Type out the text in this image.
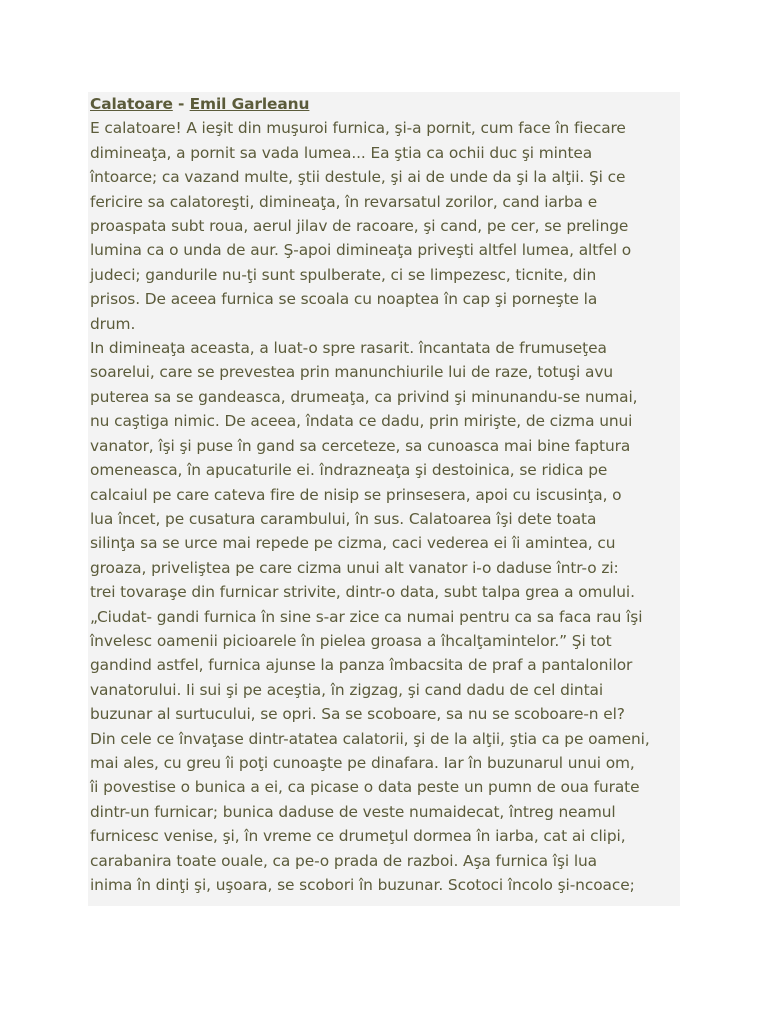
Calatoare - Emil Garleanu
E calatoare! A ieşit din muşuroi furnica, şi-a pornit, cum face în fiecare
dimineaţa, a pornit sa vada lumea... Ea ştia ca ochii duc şi mintea
întoarce; ca vazand multe, ştii destule, şi ai de unde da şi la alţii. Şi ce
fericire sa calatoreşti, dimineaţa, în revarsatul zorilor, cand iarba e
proaspata subt roua, aerul jilav de racoare, şi cand, pe cer, se prelinge
lumina ca o unda de aur. Ş-apoi dimineaţa priveşti altfel lumea, altfel o
judeci; gandurile nu-ţi sunt spulberate, ci se limpezesc, ticnite, din
prisos. De aceea furnica se scoala cu noaptea în cap şi porneşte la
drum.
In dimineaţa aceasta, a luat-o spre rasarit. încantata de frumuseţea
soarelui, care se prevestea prin manunchiurile lui de raze, totuşi avu
puterea sa se gandeasca, drumeaţa, ca privind şi minunandu-se numai,
nu caştiga nimic. De aceea, îndata ce dadu, prin mirişte, de cizma unui
vanator, îşi şi puse în gand sa cerceteze, sa cunoasca mai bine faptura
omeneasca, în apucaturile ei. îndrazneaţa şi destoinica, se ridica pe
calcaiul pe care cateva fire de nisip se prinsesera, apoi cu iscusinţa, o
lua încet, pe cusatura carambului, în sus. Calatoarea îşi dete toata
silinţa sa se urce mai repede pe cizma, caci vederea ei îi amintea, cu
groaza, priveliştea pe care cizma unui alt vanator i-o daduse într-o zi:
trei tovaraşe din furnicar strivite, dintr-o data, subt talpa grea a omului.
„Ciudat- gandi furnica în sine s-ar zice ca numai pentru ca sa faca rau îşi
învelesc oamenii picioarele în pielea groasa a îhcalţamintelor.” Şi tot
gandind astfel, furnica ajunse la panza îmbacsita de praf a pantalonilor
vanatorului. Ii sui şi pe aceştia, în zigzag, şi cand dadu de cel dintai
buzunar al surtucului, se opri. Sa se scoboare, sa nu se scoboare-n el?
Din cele ce învaţase dintr-atatea calatorii, şi de la alţii, ştia ca pe oameni,
mai ales, cu greu îi poţi cunoaşte pe dinafara. Iar în buzunarul unui om,
îi povestise o bunica a ei, ca picase o data peste un pumn de oua furate
dintr-un furnicar; bunica daduse de veste numaidecat, întreg neamul
furnicesc venise, şi, în vreme ce drumeţul dormea în iarba, cat ai clipi,
carabanira toate ouale, ca pe-o prada de razboi. Aşa furnica îşi lua
inima în dinţi şi, uşoara, se scobori în buzunar. Scotoci încolo şi-ncoace;
